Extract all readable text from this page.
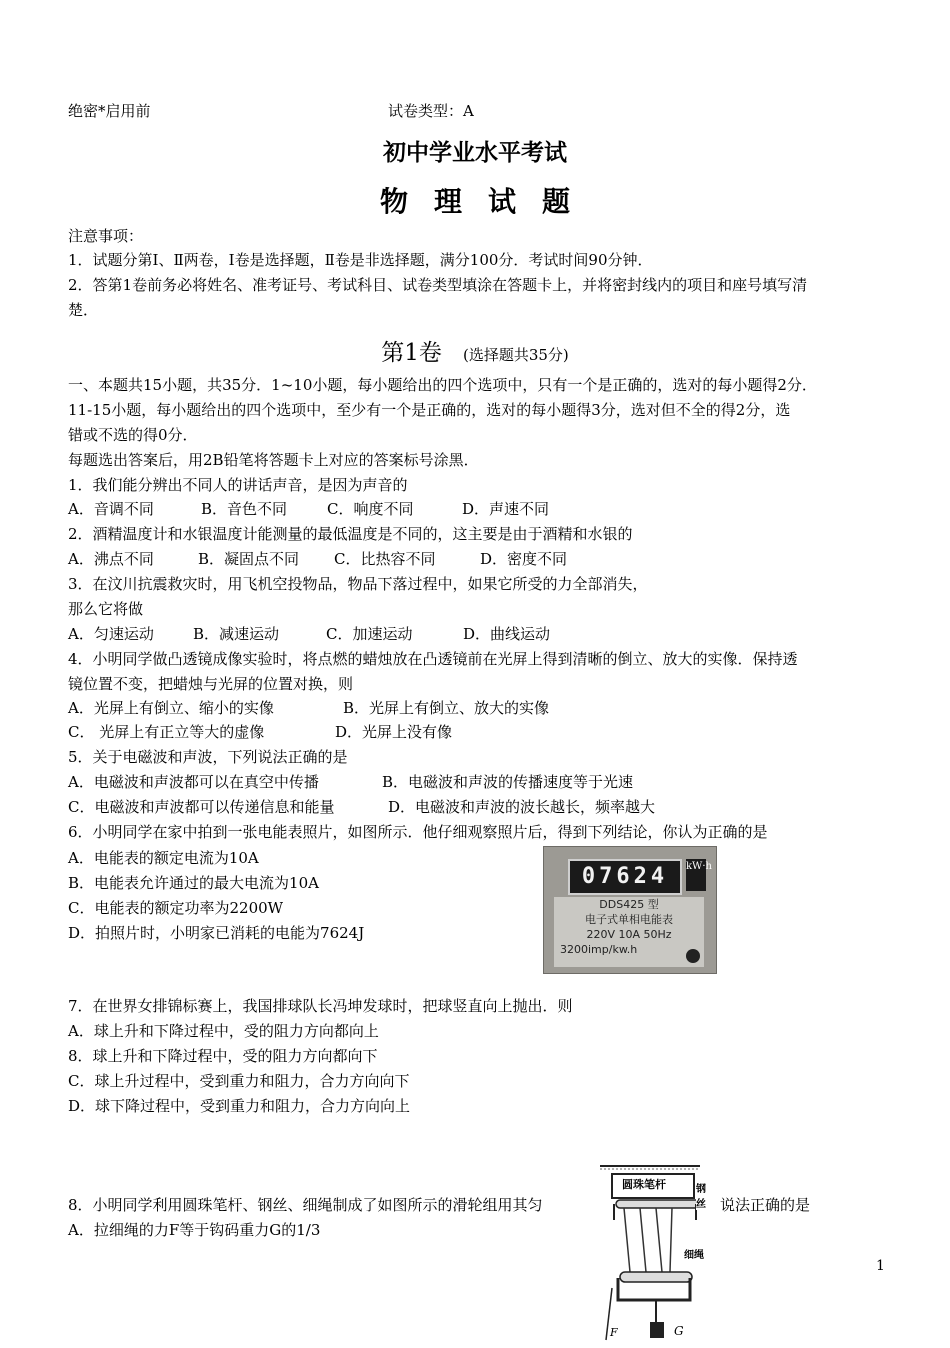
绝密*启用前	试卷类型：A
初中学业水平考试
物理试题
注意事项：
1．试题分第Ⅰ、Ⅱ两卷，Ⅰ卷是选择题，Ⅱ卷是非选择题，满分100分．考试时间90分钟．
2．答第1卷前务必将姓名、准考证号、考试科目、试卷类型填涂在答题卡上，并将密封线内的项目和座号填写清
楚．
第1卷 (选择题共35分)
一、本题共15小题，共35分．1~10小题，每小题给出的四个选项中，只有一个是正确的，选对的每小题得2分．
11-15小题，每小题给出的四个选项中，至少有一个是正确的，选对的每小题得3分，选对但不全的得2分，选
错或不选的得0分．
每题选出答案后，用2B铅笔将答题卡上对应的答案标号涂黑．
1．我们能分辨出不同人的讲话声音，是因为声音的
A．音调不同	B．音色不同	C．响度不同	D．声速不同
2．酒精温度计和水银温度计能测量的最低温度是不同的，这主要是由于酒精和水银的
A．沸点不同	B．凝固点不同 C．比热容不同	D．密度不同
3．在汶川抗震救灾时，用飞机空投物品，物品下落过程中，如果它所受的力全部消失，
那么它将做
A．匀速运动	B．减速运动	C．加速运动	D．曲线运动
4．小明同学做凸透镜成像实验时，将点燃的蜡烛放在凸透镜前在光屏上得到清晰的倒立、放大的实像．保持透
镜位置不变，把蜡烛与光屏的位置对换，则
A．光屏上有倒立、缩小的实像	B．光屏上有倒立、放大的实像
C． 光屏上有正立等大的虚像	D．光屏上没有像
5．关于电磁波和声波，下列说法正确的是
A．电磁波和声波都可以在真空中传播	B．电磁波和声波的传播速度等于光速
C．电磁波和声波都可以传递信息和能量	D．电磁波和声波的波长越长，频率越大
6．小明同学在家中拍到一张电能表照片，如图所示．他仔细观察照片后，得到下列结论，你认为正确的是
A．电能表的额定电流为10A
B．电能表允许通过的最大电流为10A
C．电能表的额定功率为2200W
D．拍照片时，小明家已消耗的电能为7624J
07624	kW·h
DDS425 型
电子式单相电能表
220V 10A 50Hz
3200imp/kw.h
7．在世界女排锦标赛上，我国排球队长冯坤发球时，把球竖直向上抛出．则
A．球上升和下降过程中，受的阻力方向都向上
8．球上升和下降过程中，受的阻力方向都向下
C．球上升过程中，受到重力和阻力，合力方向向下
D．球下降过程中，受到重力和阻力，合力方向向上
8．小明同学利用圆珠笔杆、钢丝、细绳制成了如图所示的滑轮组用其匀	说法正确的是
A．拉细绳的力F等于钩码重力G的1/3
圆珠笔杆	钢丝
细绳
F	G
1
